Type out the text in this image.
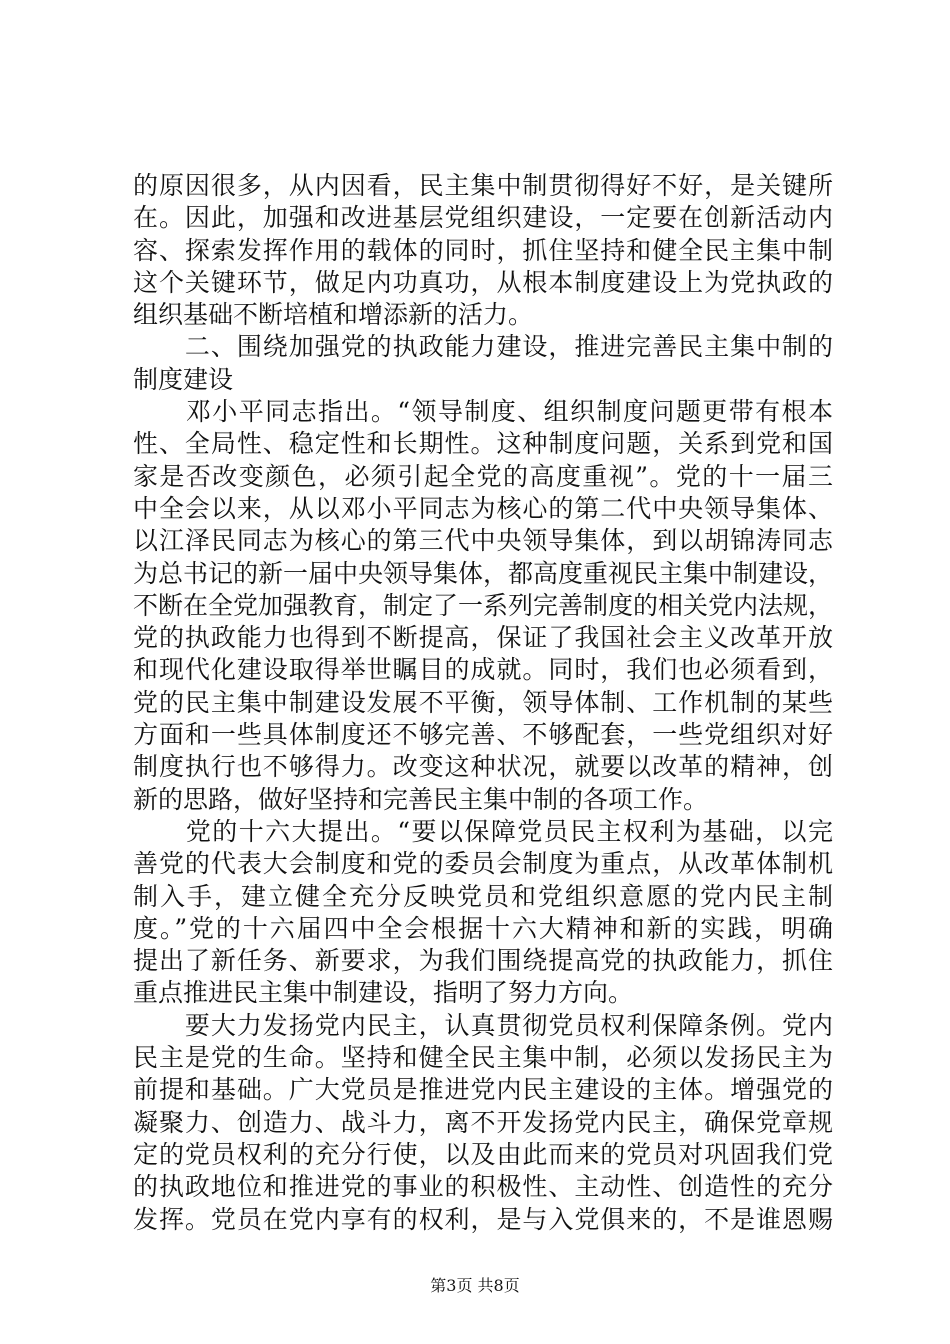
的原因很多，从内因看，民主集中制贯彻得好不好，是关键所
在。因此，加强和改进基层党组织建设，一定要在创新活动内
容、探索发挥作用的载体的同时，抓住坚持和健全民主集中制
这个关键环节，做足内功真功，从根本制度建设上为党执政的
组织基础不断培植和增添新的活力。
　　二、围绕加强党的执政能力建设，推进完善民主集中制的
制度建设
　　邓小平同志指出。“领导制度、组织制度问题更带有根本
性、全局性、稳定性和长期性。这种制度问题，关系到党和国
家是否改变颜色，必须引起全党的高度重视”。党的十一届三
中全会以来，从以邓小平同志为核心的第二代中央领导集体、
以江泽民同志为核心的第三代中央领导集体，到以胡锦涛同志
为总书记的新一届中央领导集体，都高度重视民主集中制建设，
不断在全党加强教育，制定了一系列完善制度的相关党内法规，
党的执政能力也得到不断提高，保证了我国社会主义改革开放
和现代化建设取得举世瞩目的成就。同时，我们也必须看到，
党的民主集中制建设发展不平衡，领导体制、工作机制的某些
方面和一些具体制度还不够完善、不够配套，一些党组织对好
制度执行也不够得力。改变这种状况，就要以改革的精神，创
新的思路，做好坚持和完善民主集中制的各项工作。
　　党的十六大提出。“要以保障党员民主权利为基础，以完
善党的代表大会制度和党的委员会制度为重点，从改革体制机
制入手，建立健全充分反映党员和党组织意愿的党内民主制
度。”党的十六届四中全会根据十六大精神和新的实践，明确
提出了新任务、新要求，为我们围绕提高党的执政能力，抓住
重点推进民主集中制建设，指明了努力方向。
　　要大力发扬党内民主，认真贯彻党员权利保障条例。党内
民主是党的生命。坚持和健全民主集中制，必须以发扬民主为
前提和基础。广大党员是推进党内民主建设的主体。增强党的
凝聚力、创造力、战斗力，离不开发扬党内民主，确保党章规
定的党员权利的充分行使，以及由此而来的党员对巩固我们党
的执政地位和推进党的事业的积极性、主动性、创造性的充分
发挥。党员在党内享有的权利，是与入党俱来的，不是谁恩赐
第3页 共8页
